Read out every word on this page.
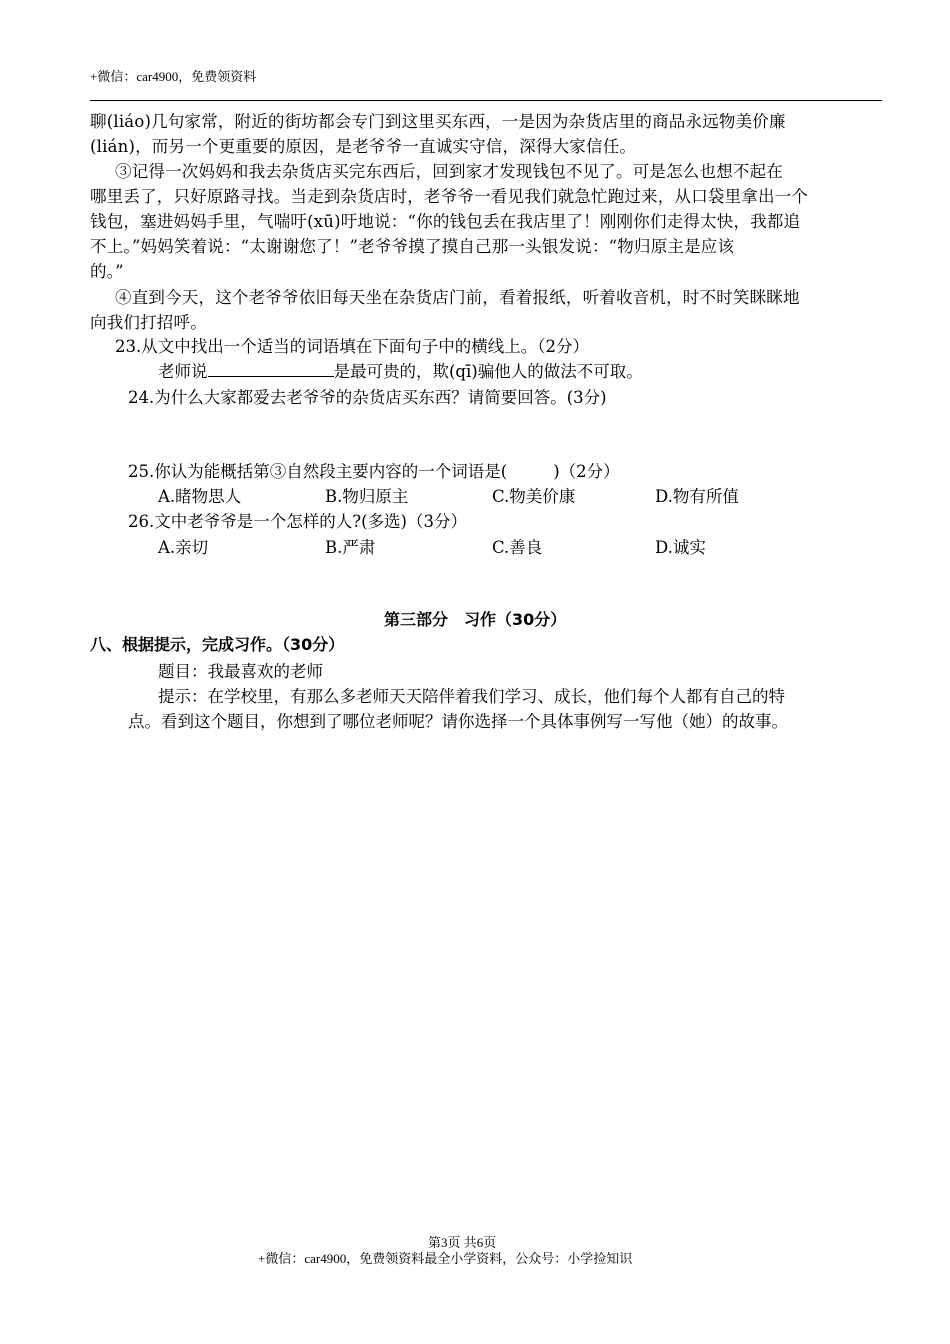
+微信：car4900，免费领资料
聊(liáo)几句家常，附近的街坊都会专门到这里买东西，一是因为杂货店里的商品永远物美价廉
(lián)，而另一个更重要的原因，是老爷爷一直诚实守信，深得大家信任。
③记得一次妈妈和我去杂货店买完东西后，回到家才发现钱包不见了。可是怎么也想不起在
哪里丢了，只好原路寻找。当走到杂货店时，老爷爷一看见我们就急忙跑过来，从口袋里拿出一个
钱包，塞进妈妈手里，气喘吁(xū)吁地说：“你的钱包丢在我店里了！刚刚你们走得太快，我都追
不上。”妈妈笑着说：“太谢谢您了！”老爷爷摸了摸自己那一头银发说：“物归原主是应该
的。”
④直到今天，这个老爷爷依旧每天坐在杂货店门前，看着报纸，听着收音机，时不时笑眯眯地
向我们打招呼。
23.从文中找出一个适当的词语填在下面句子中的横线上。（2分）
老师说	是最可贵的，欺(qī)骗他人的做法不可取。
24.为什么大家都爱去老爷爷的杂货店买东西？请简要回答。(3分)
25.你认为能概括第③自然段主要内容的一个词语是(	)（2分）
A.睹物思人	B.物归原主	C.物美价康	D.物有所值
26.文中老爷爷是一个怎样的人?(多选)（3分）
A.亲切	B.严肃	C.善良	D.诚实
第三部分　习作（30分）
八、根据提示，完成习作。（30分）
题目：我最喜欢的老师
提示：在学校里，有那么多老师天天陪伴着我们学习、成长，他们每个人都有自己的特
点。看到这个题目，你想到了哪位老师呢？请你选择一个具体事例写一写他（她）的故事。
第3页 共6页
+微信：car4900，免费领资料最全小学资料，公众号：小学捡知识
